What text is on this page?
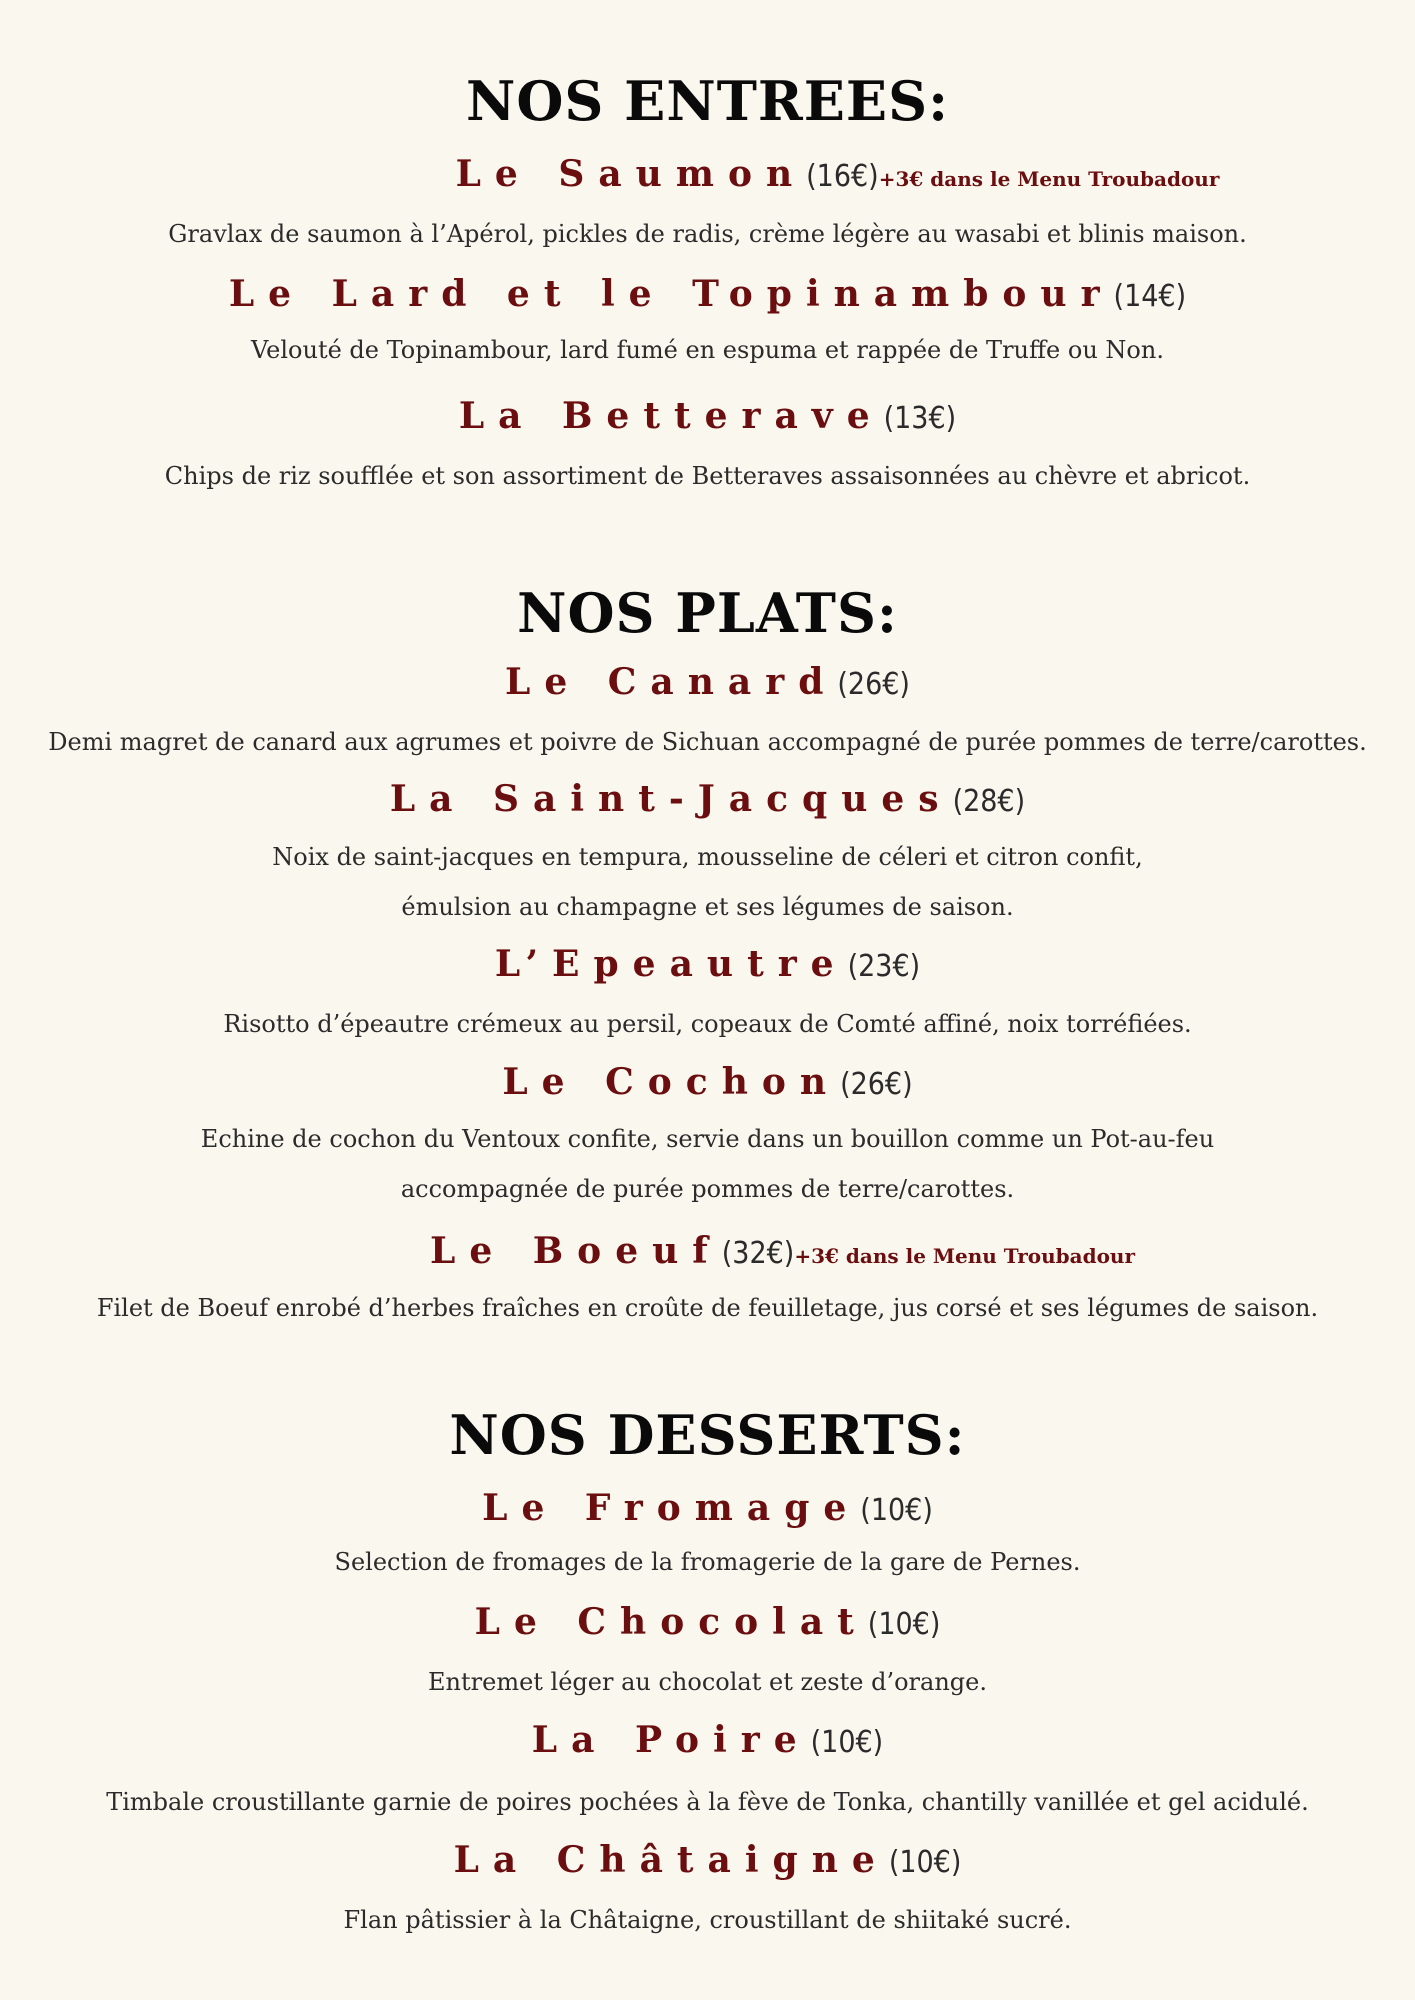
NOS ENTREES:
Le Saumon(16€)+3€ dans le Menu Troubadour
Gravlax de saumon à l’Apérol, pickles de radis, crème légère au wasabi et blinis maison.
Le Lard et le Topinambour(14€)
Velouté de Topinambour, lard fumé en espuma et rappée de Truffe ou Non.
La Betterave(13€)
Chips de riz soufflée et son assortiment de Betteraves assaisonnées au chèvre et abricot.
NOS PLATS:
Le Canard(26€)
Demi magret de canard aux agrumes et poivre de Sichuan accompagné de purée pommes de terre/carottes.
La Saint-Jacques(28€)
Noix de saint-jacques en tempura, mousseline de céleri et citron confit,
émulsion au champagne et ses légumes de saison.
L’Epeautre(23€)
Risotto d’épeautre crémeux au persil, copeaux de Comté affiné, noix torréfiées.
Le Cochon(26€)
Echine de cochon du Ventoux confite, servie dans un bouillon comme un Pot-au-feu
accompagnée de purée pommes de terre/carottes.
Le Boeuf(32€)+3€ dans le Menu Troubadour
Filet de Boeuf enrobé d’herbes fraîches en croûte de feuilletage, jus corsé et ses légumes de saison.
NOS DESSERTS:
Le Fromage(10€)
Selection de fromages de la fromagerie de la gare de Pernes.
Le Chocolat(10€)
Entremet léger au chocolat et zeste d’orange.
La Poire(10€)
Timbale croustillante garnie de poires pochées à la fève de Tonka, chantilly vanillée et gel acidulé.
La Châtaigne(10€)
Flan pâtissier à la Châtaigne, croustillant de shiitaké sucré.
